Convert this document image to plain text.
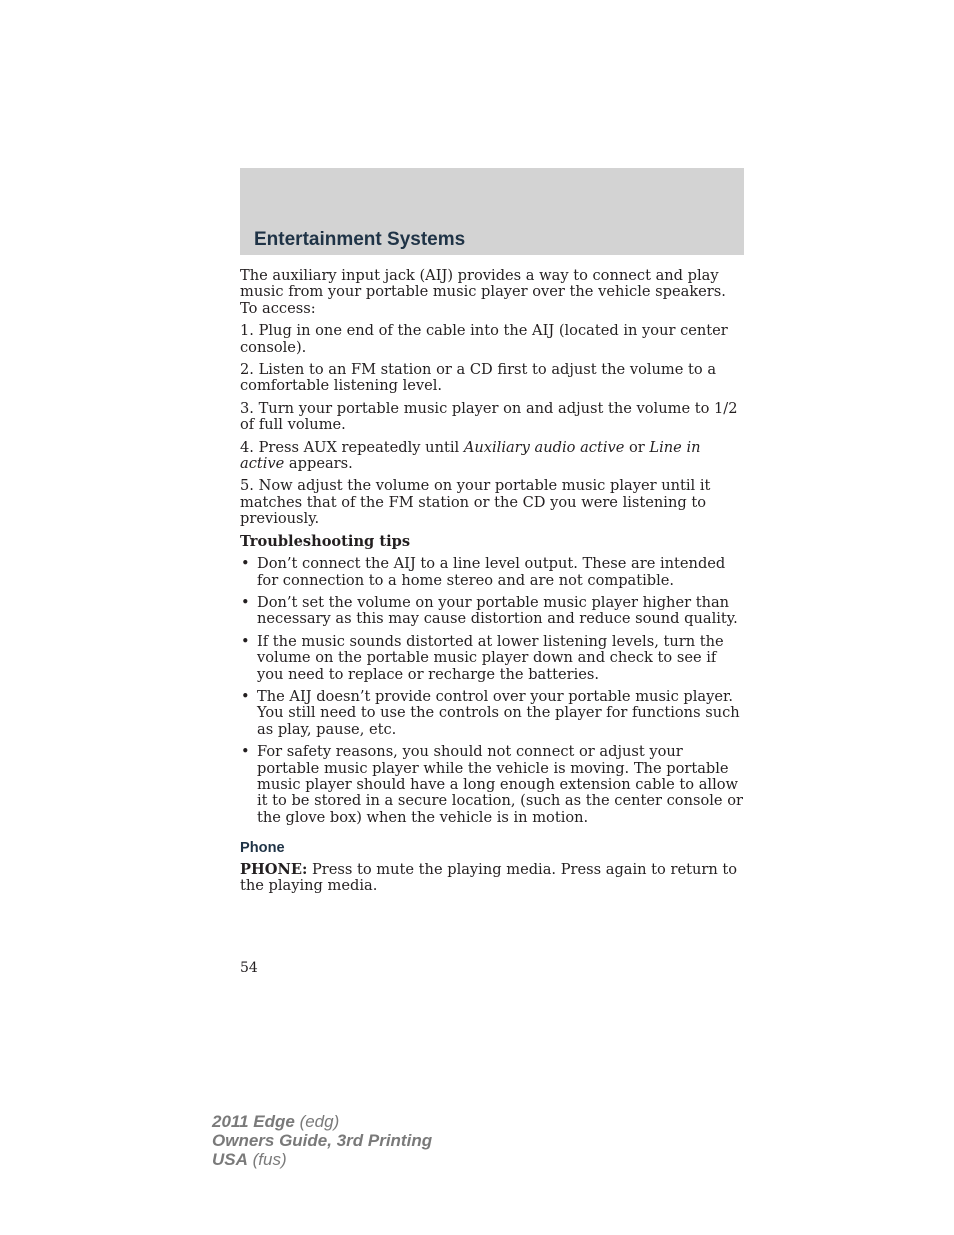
Entertainment Systems

The auxiliary input jack (AIJ) provides a way to connect and play music from your portable music player over the vehicle speakers. To access:

1. Plug in one end of the cable into the AIJ (located in your center console).

2. Listen to an FM station or a CD first to adjust the volume to a comfortable listening level.

3. Turn your portable music player on and adjust the volume to 1/2 of full volume.

4. Press AUX repeatedly until Auxiliary audio active or Line in active appears.

5. Now adjust the volume on your portable music player until it matches that of the FM station or the CD you were listening to previously.

Troubleshooting tips
• Don’t connect the AIJ to a line level output. These are intended for connection to a home stereo and are not compatible.
• Don’t set the volume on your portable music player higher than necessary as this may cause distortion and reduce sound quality.
• If the music sounds distorted at lower listening levels, turn the volume on the portable music player down and check to see if you need to replace or recharge the batteries.
• The AIJ doesn’t provide control over your portable music player. You still need to use the controls on the player for functions such as play, pause, etc.
• For safety reasons, you should not connect or adjust your portable music player while the vehicle is moving. The portable music player should have a long enough extension cable to allow it to be stored in a secure location, (such as the center console or the glove box) when the vehicle is in motion.
Phone

PHONE: Press to mute the playing media. Press again to return to the playing media.

54
2011 Edge (edg)
Owners Guide, 3rd Printing
USA (fus)
